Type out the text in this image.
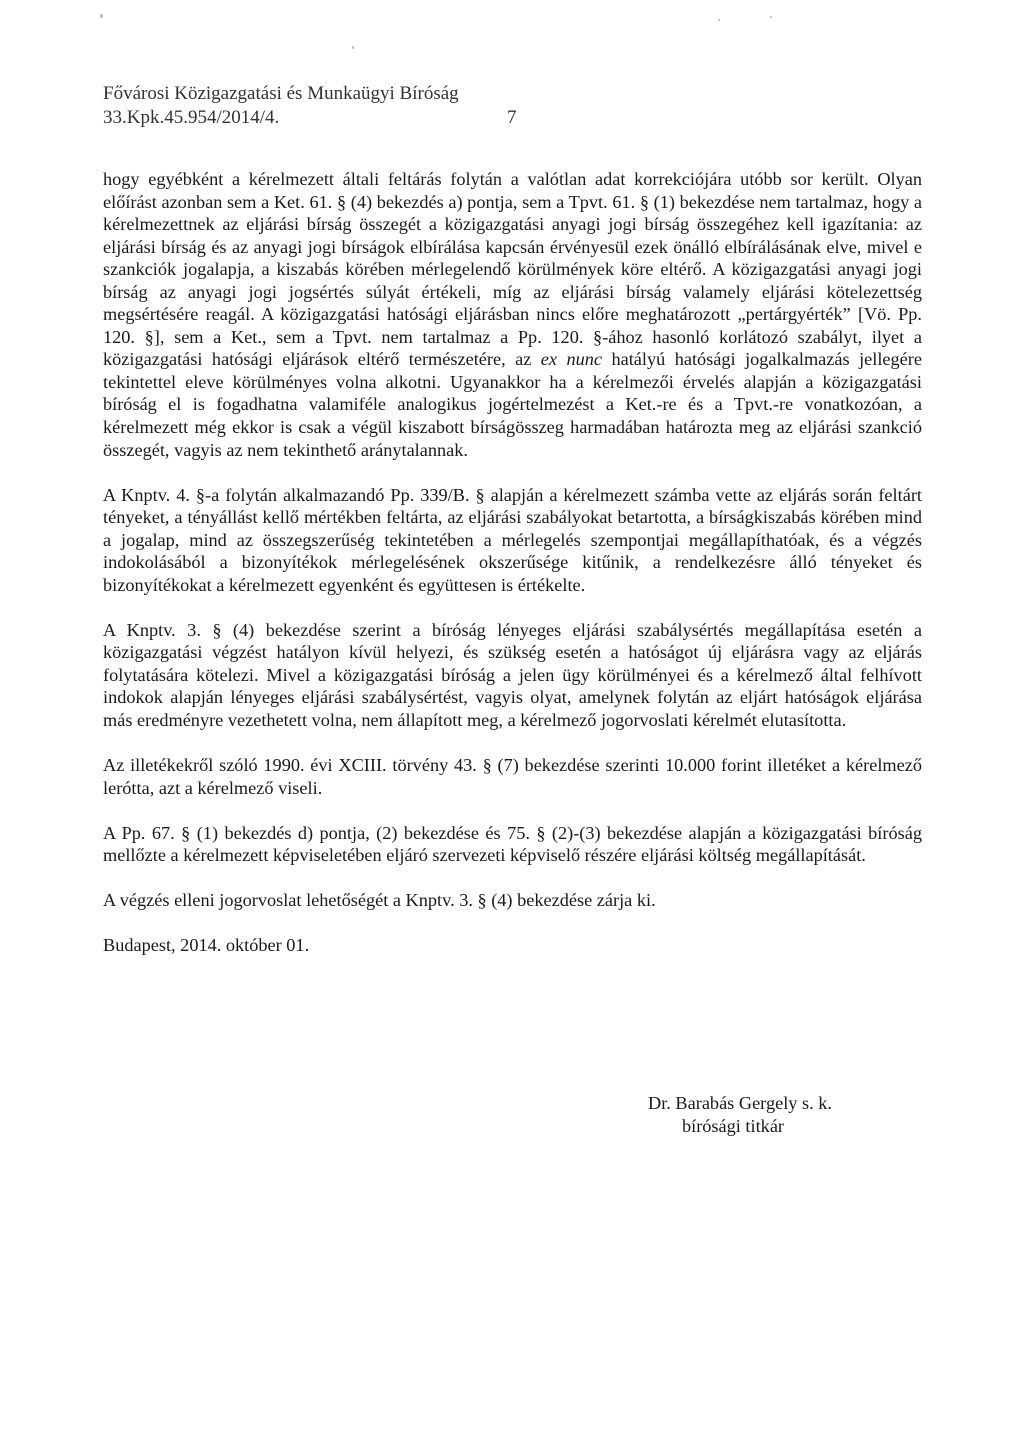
Fővárosi Közigazgatási és Munkaügyi Bíróság
33.Kpk.45.954/2014/4.	7

hogy egyébként a kérelmezett általi feltárás folytán a valótlan adat korrekciójára utóbb sor került. Olyan előírást azonban sem a Ket. 61. § (4) bekezdés a) pontja, sem a Tpvt. 61. § (1) bekezdése nem tartalmaz, hogy a kérelmezettnek az eljárási bírság összegét a közigazgatási anyagi jogi bírság összegéhez kell igazítania: az eljárási bírság és az anyagi jogi bírságok elbírálása kapcsán érvényesül ezek önálló elbírálásának elve, mivel e szankciók jogalapja, a kiszabás körében mérlegelendő körülmények köre eltérő. A közigazgatási anyagi jogi bírság az anyagi jogi jogsértés súlyát értékeli, míg az eljárási bírság valamely eljárási kötelezettség megsértésére reagál. A közigazgatási hatósági eljárásban nincs előre meghatározott „pertárgyérték” [Vö. Pp. 120. §], sem a Ket., sem a Tpvt. nem tartalmaz a Pp. 120. §-ához hasonló korlátozó szabályt, ilyet a közigazgatási hatósági eljárások eltérő természetére, az ex nunc hatályú hatósági jogalkalmazás jellegére tekintettel eleve körülményes volna alkotni. Ugyanakkor ha a kérelmezői érvelés alapján a közigazgatási bíróság el is fogadhatna valamiféle analogikus jogértelmezést a Ket.-re és a Tpvt.-re vonatkozóan, a kérelmezett még ekkor is csak a végül kiszabott bírságösszeg harmadában határozta meg az eljárási szankció összegét, vagyis az nem tekinthető aránytalannak.

A Knptv. 4. §-a folytán alkalmazandó Pp. 339/B. § alapján a kérelmezett számba vette az eljárás során feltárt tényeket, a tényállást kellő mértékben feltárta, az eljárási szabályokat betartotta, a bírságkiszabás körében mind a jogalap, mind az összegszerűség tekintetében a mérlegelés szempontjai megállapíthatóak, és a végzés indokolásából a bizonyítékok mérlegelésének okszerűsége kitűnik, a rendelkezésre álló tényeket és bizonyítékokat a kérelmezett egyenként és együttesen is értékelte.

A Knptv. 3. § (4) bekezdése szerint a bíróság lényeges eljárási szabálysértés megállapítása esetén a közigazgatási végzést hatályon kívül helyezi, és szükség esetén a hatóságot új eljárásra vagy az eljárás folytatására kötelezi. Mivel a közigazgatási bíróság a jelen ügy körülményei és a kérelmező által felhívott indokok alapján lényeges eljárási szabálysértést, vagyis olyat, amelynek folytán az eljárt hatóságok eljárása más eredményre vezethetett volna, nem állapított meg, a kérelmező jogorvoslati kérelmét elutasította.

Az illetékekről szóló 1990. évi XCIII. törvény 43. § (7) bekezdése szerinti 10.000 forint illetéket a kérelmező lerótta, azt a kérelmező viseli.

A Pp. 67. § (1) bekezdés d) pontja, (2) bekezdése és 75. § (2)-(3) bekezdése alapján a közigazgatási bíróság mellőzte a kérelmezett képviseletében eljáró szervezeti képviselő részére eljárási költség megállapítását.

A végzés elleni jogorvoslat lehetőségét a Knptv. 3. § (4) bekezdése zárja ki.

Budapest, 2014. október 01.

Dr. Barabás Gergely s. k.
bírósági titkár
